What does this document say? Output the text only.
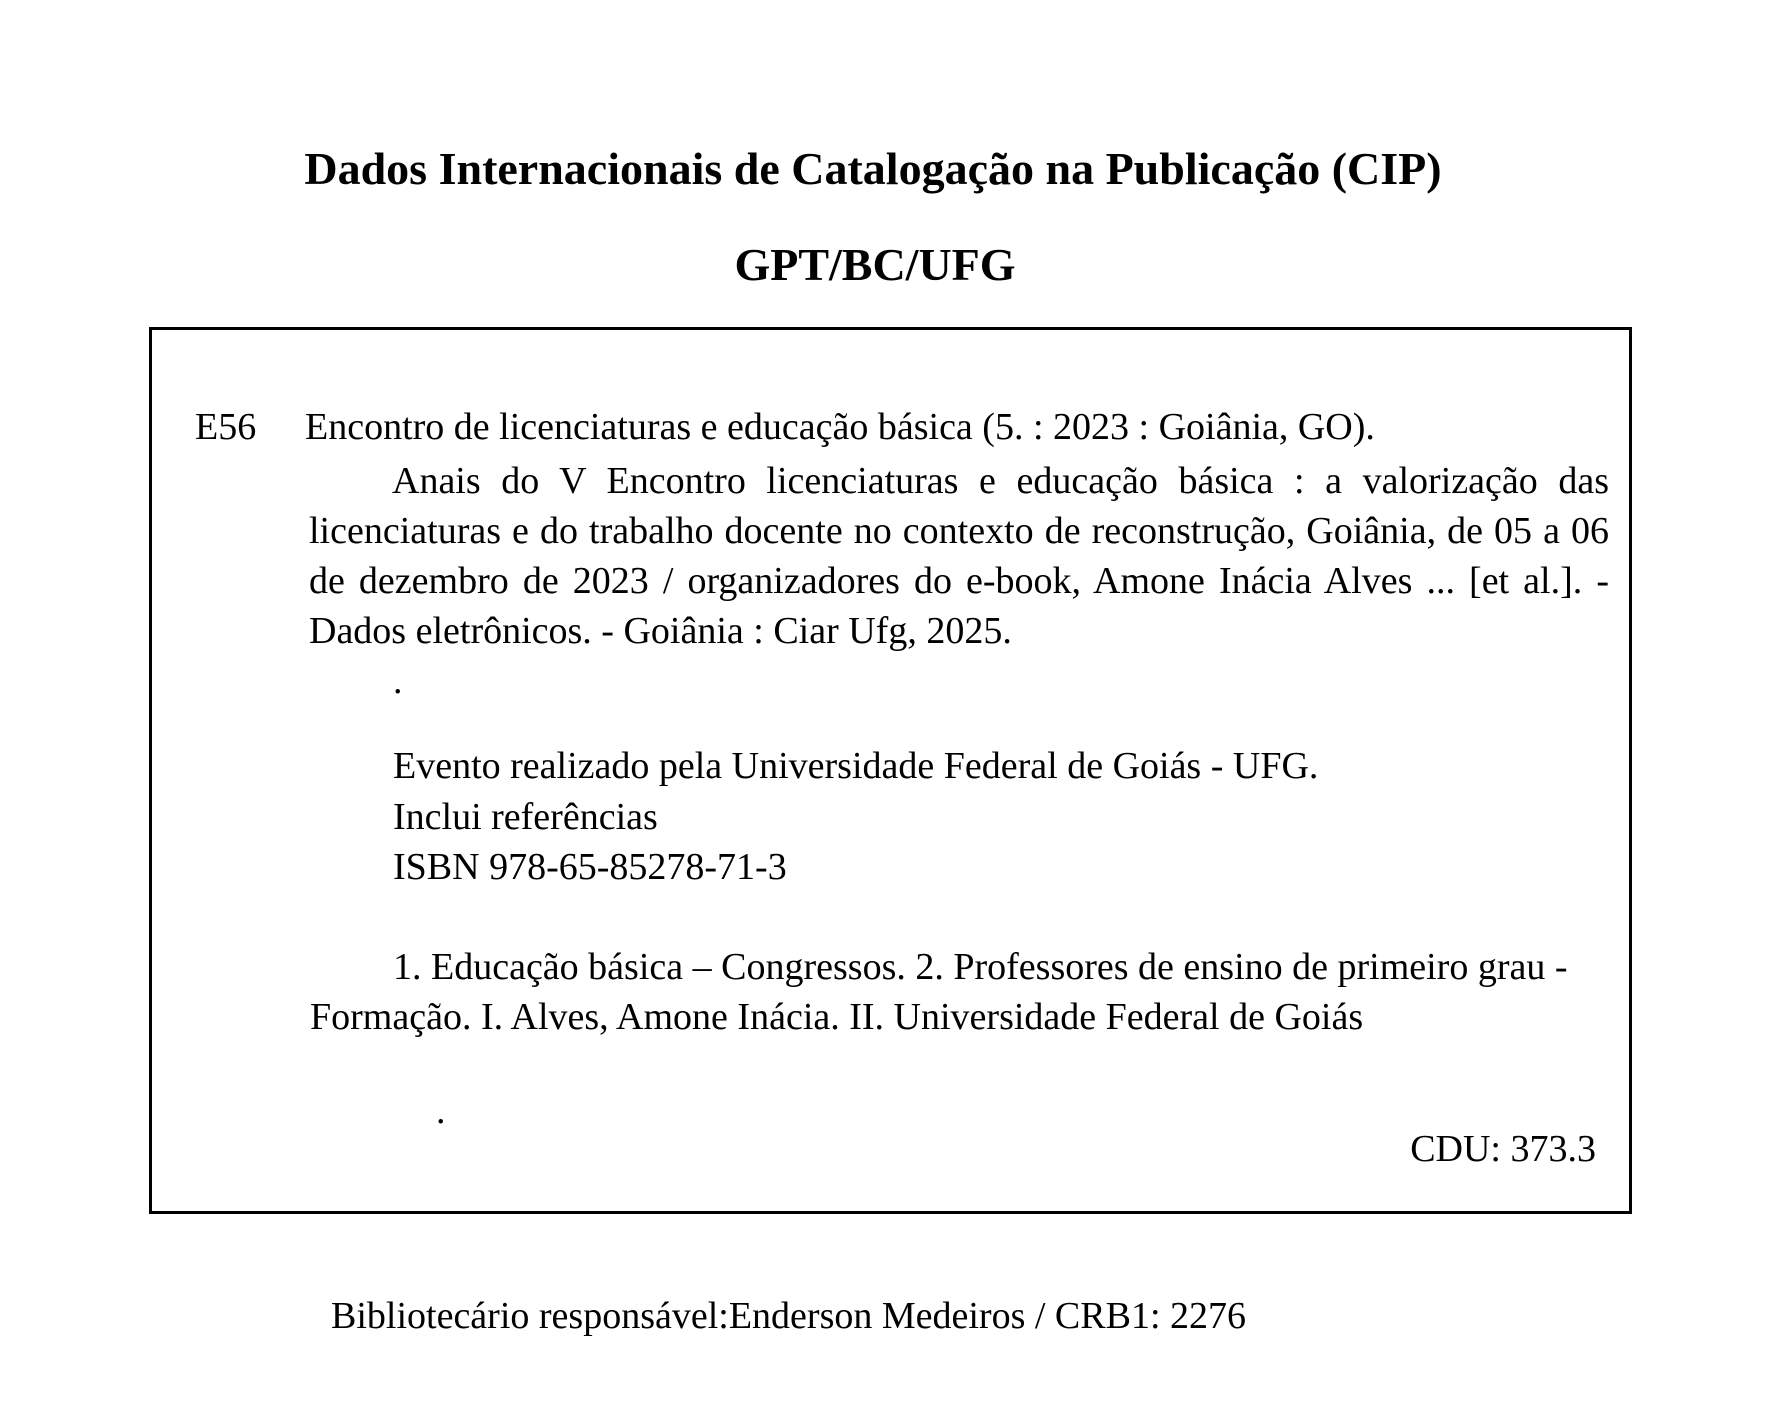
Dados Internacionais de Catalogação na Publicação (CIP)
GPT/BC/UFG
E56 Encontro de licenciaturas e educação básica (5. : 2023 : Goiânia, GO).

Anais do V Encontro licenciaturas e educação básica : a valorização das licenciaturas e do trabalho docente no contexto de reconstrução, Goiânia, de 05 a 06 de dezembro de 2023 / organizadores do e-book, Amone Inácia Alves ... [et al.]. - Dados eletrônicos. - Goiânia : Ciar Ufg, 2025.

.
Evento realizado pela Universidade Federal de Goiás - UFG.
Inclui referências
ISBN 978-65-85278-71-3

1. Educação básica – Congressos. 2. Professores de ensino de primeiro grau - Formação. I. Alves, Amone Inácia. II. Universidade Federal de Goiás

.
CDU: 373.3

Bibliotecário responsável:Enderson Medeiros / CRB1: 2276
